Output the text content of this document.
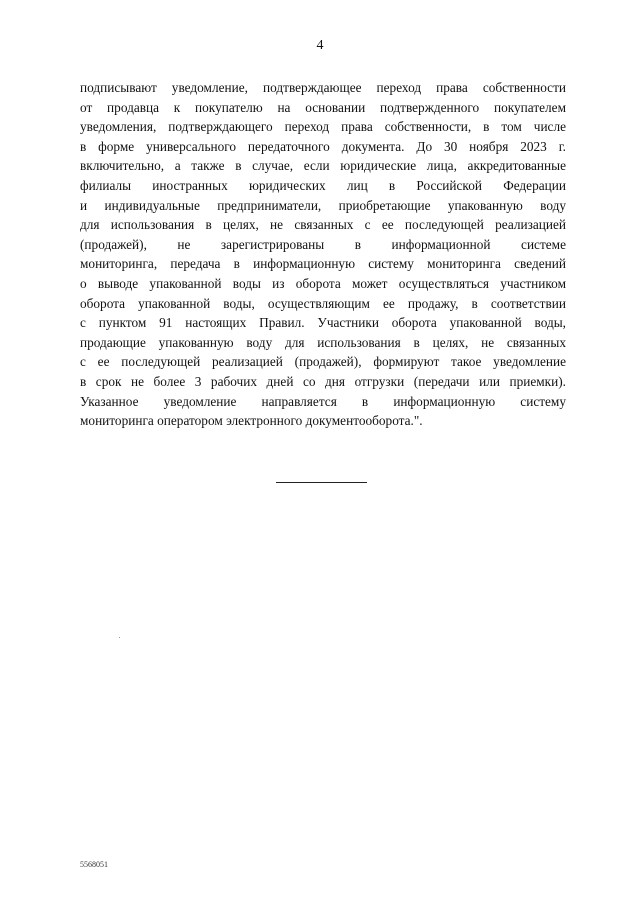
4
подписывают уведомление, подтверждающее переход права собственности
от продавца к покупателю на основании подтвержденного покупателем
уведомления, подтверждающего переход права собственности, в том числе
в форме универсального передаточного документа. До 30 ноября 2023 г.
включительно, а также в случае, если юридические лица, аккредитованные
филиалы иностранных юридических лиц в Российской Федерации
и индивидуальные предприниматели, приобретающие упакованную воду
для использования в целях, не связанных с ее последующей реализацией
(продажей), не зарегистрированы в информационной системе
мониторинга, передача в информационную систему мониторинга сведений
о выводе упакованной воды из оборота может осуществляться участником
оборота упакованной воды, осуществляющим ее продажу, в соответствии
с пунктом 91 настоящих Правил. Участники оборота упакованной воды,
продающие упакованную воду для использования в целях, не связанных
с ее последующей реализацией (продажей), формируют такое уведомление
в срок не более 3 рабочих дней со дня отгрузки (передачи или приемки).
Указанное уведомление направляется в информационную систему
мониторинга оператором электронного документооборота.".
5568051
